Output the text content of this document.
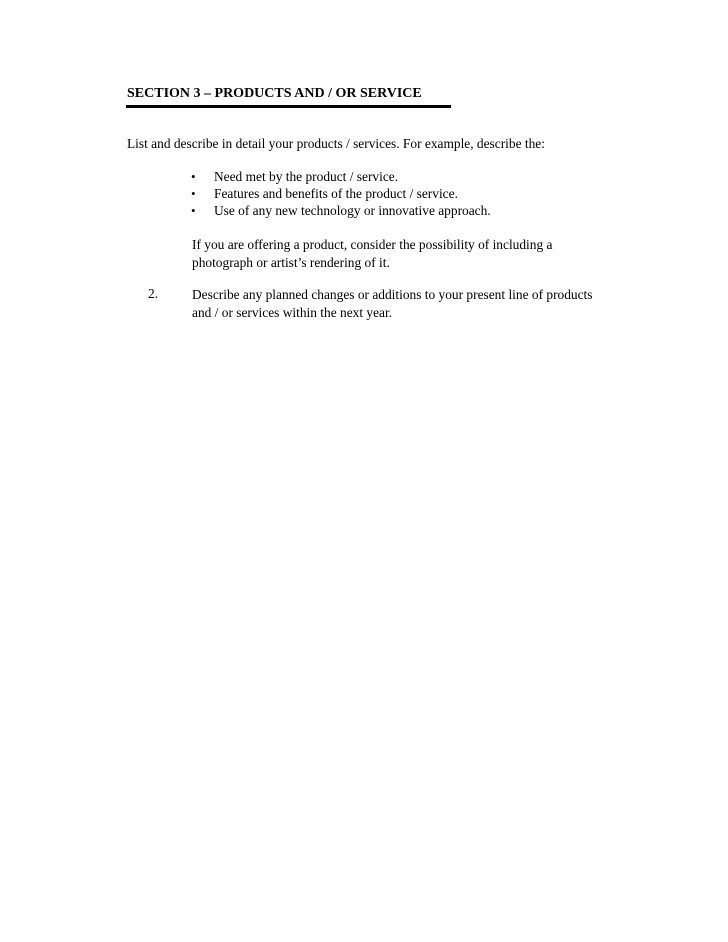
SECTION 3 – PRODUCTS AND / OR SERVICE
List and describe in detail your products / services. For example, describe the:
• Need met by the product / service.
• Features and benefits of the product / service.
• Use of any new technology or innovative approach.
If you are offering a product, consider the possibility of including a
photograph or artist’s rendering of it.
2.	Describe any planned changes or additions to your present line of products
and / or services within the next year.
